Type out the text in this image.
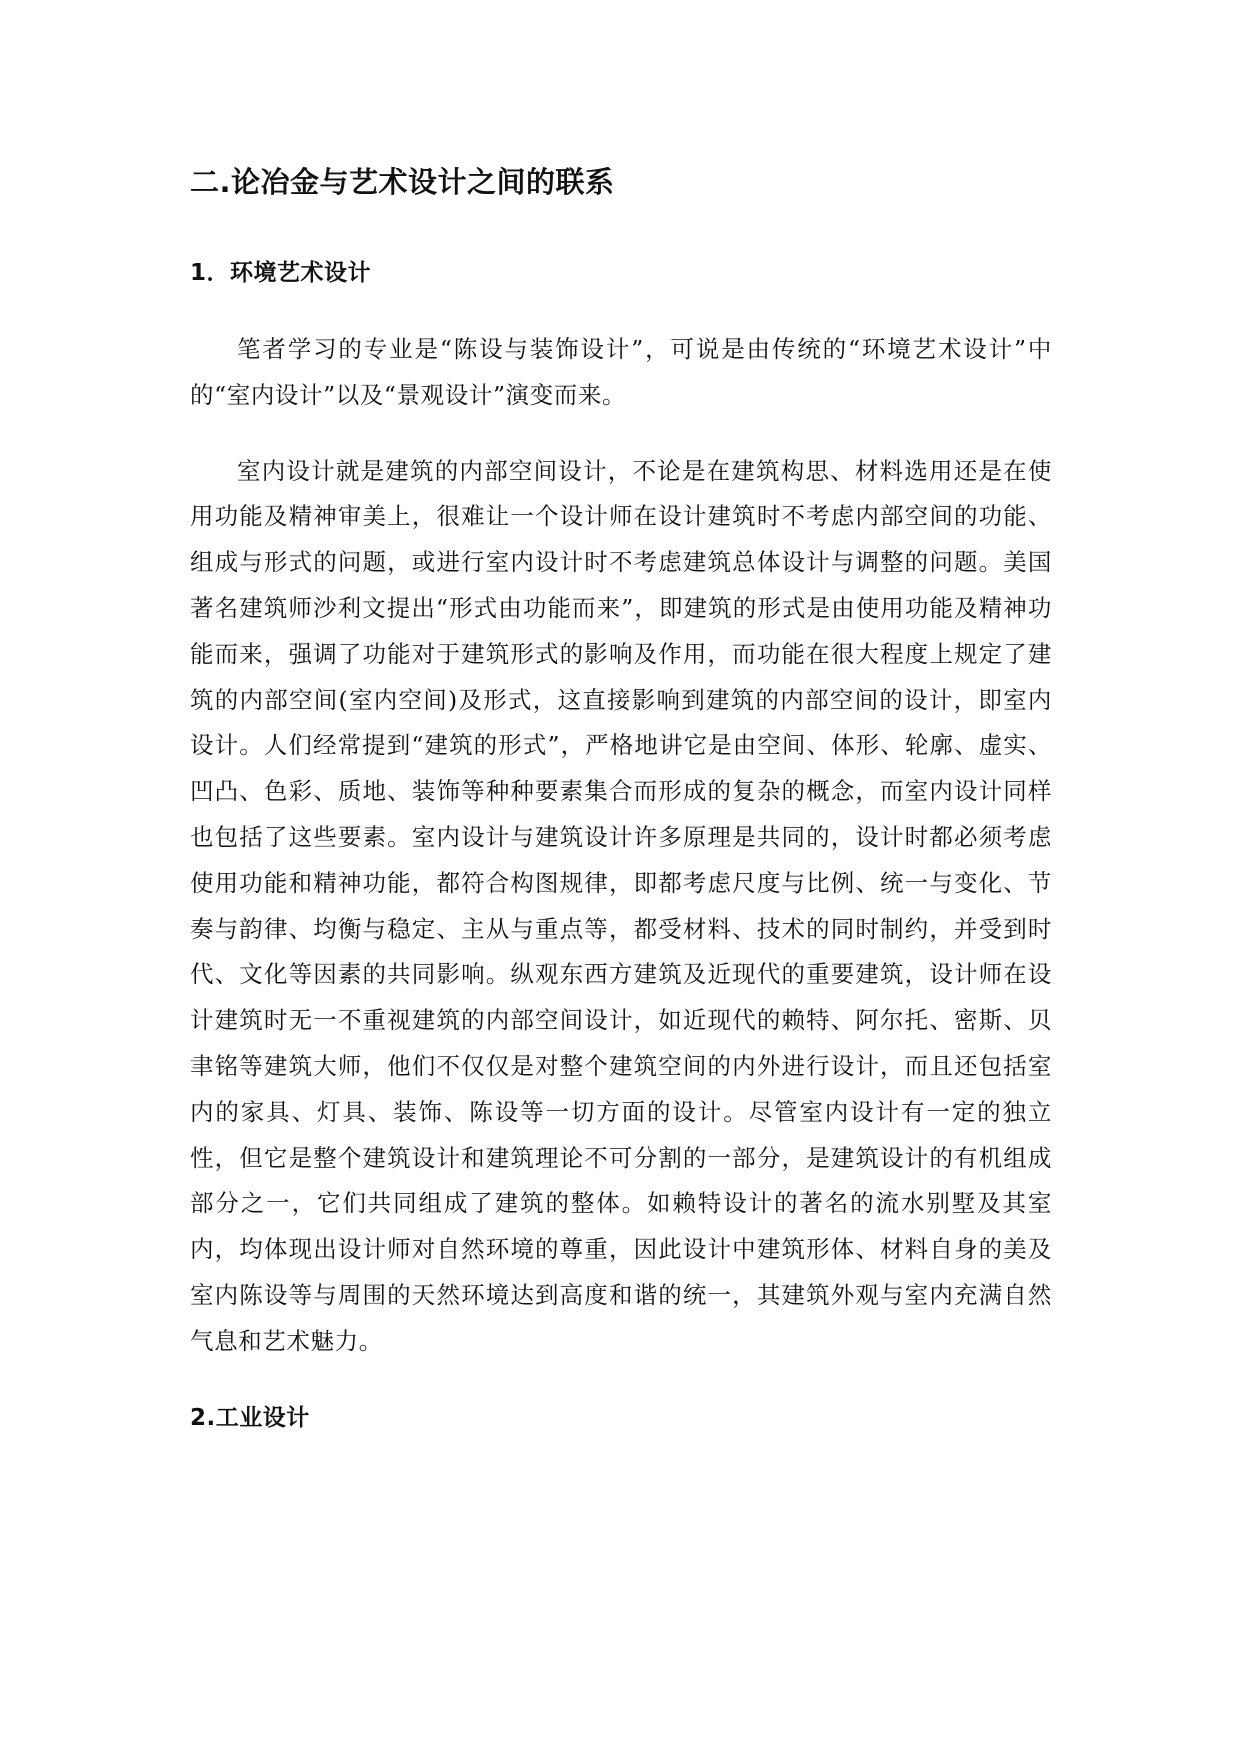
二.论冶金与艺术设计之间的联系
1．环境艺术设计

笔者学习的专业是“陈设与装饰设计”，可说是由传统的“环境艺术设计”中的“室内设计”以及“景观设计”演变而来。

室内设计就是建筑的内部空间设计，不论是在建筑构思、材料选用还是在使用功能及精神审美上，很难让一个设计师在设计建筑时不考虑内部空间的功能、组成与形式的问题，或进行室内设计时不考虑建筑总体设计与调整的问题。美国著名建筑师沙利文提出“形式由功能而来”，即建筑的形式是由使用功能及精神功能而来，强调了功能对于建筑形式的影响及作用，而功能在很大程度上规定了建筑的内部空间(室内空间)及形式，这直接影响到建筑的内部空间的设计，即室内设计。人们经常提到“建筑的形式”，严格地讲它是由空间、体形、轮廓、虚实、凹凸、色彩、质地、装饰等种种要素集合而形成的复杂的概念，而室内设计同样也包括了这些要素。室内设计与建筑设计许多原理是共同的，设计时都必须考虑使用功能和精神功能，都符合构图规律，即都考虑尺度与比例、统一与变化、节奏与韵律、均衡与稳定、主从与重点等，都受材料、技术的同时制约，并受到时代、文化等因素的共同影响。纵观东西方建筑及近现代的重要建筑，设计师在设计建筑时无一不重视建筑的内部空间设计，如近现代的赖特、阿尔托、密斯、贝聿铭等建筑大师，他们不仅仅是对整个建筑空间的内外进行设计，而且还包括室内的家具、灯具、装饰、陈设等一切方面的设计。尽管室内设计有一定的独立性，但它是整个建筑设计和建筑理论不可分割的一部分，是建筑设计的有机组成部分之一，它们共同组成了建筑的整体。如赖特设计的著名的流水别墅及其室内，均体现出设计师对自然环境的尊重，因此设计中建筑形体、材料自身的美及室内陈设等与周围的天然环境达到高度和谐的统一，其建筑外观与室内充满自然气息和艺术魅力。

2.工业设计
